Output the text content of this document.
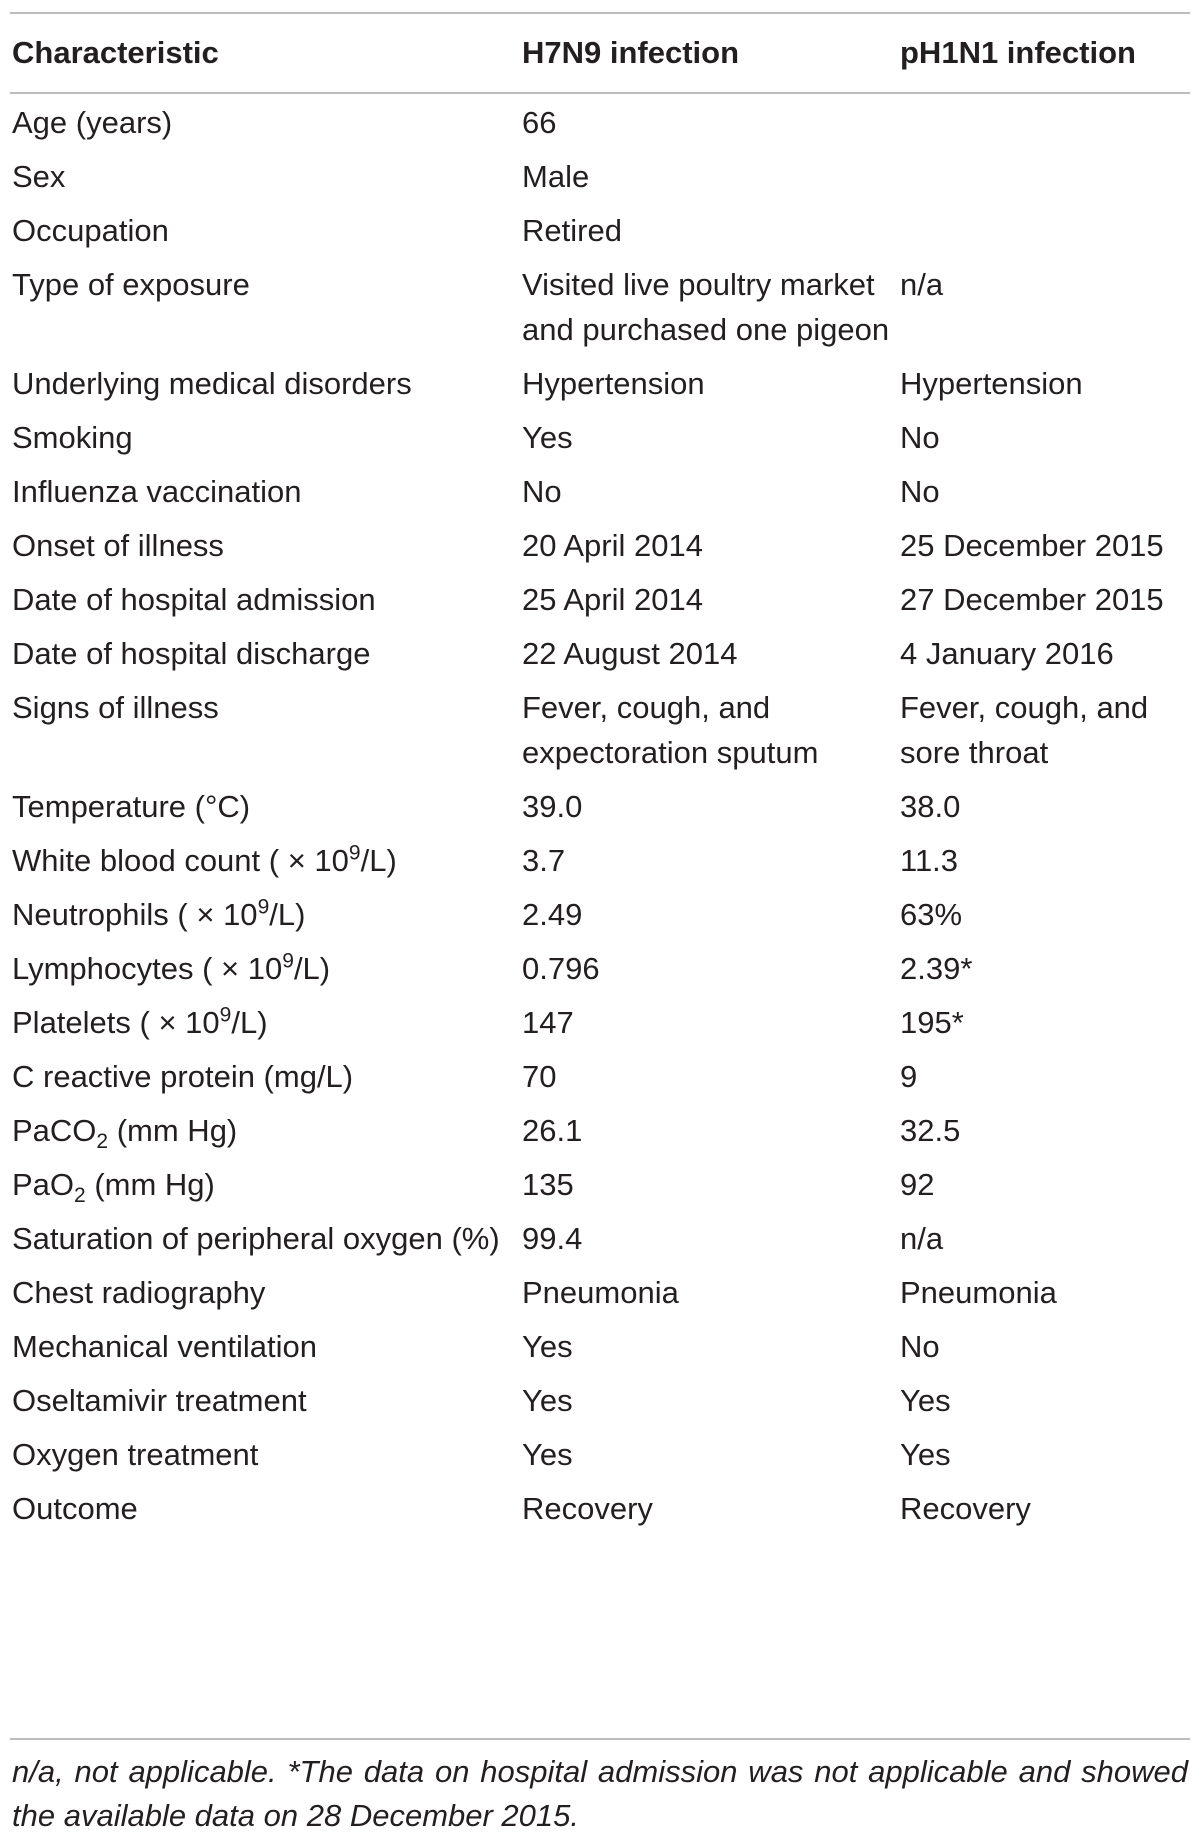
Characteristic	H7N9 infection	pH1N1 infection
Age (years)	66	
Sex	Male	
Occupation	Retired	
Type of exposure	Visited live poultry market and purchased one pigeon	n/a
Underlying medical disorders	Hypertension	Hypertension
Smoking	Yes	No
Influenza vaccination	No	No
Onset of illness	20 April 2014	25 December 2015
Date of hospital admission	25 April 2014	27 December 2015
Date of hospital discharge	22 August 2014	4 January 2016
Signs of illness	Fever, cough, and expectoration sputum	Fever, cough, and sore throat
Temperature (°C)	39.0	38.0
White blood count ( × $10^9/L$)	3.7	11.3
Neutrophils ( × $10^9/L$)	2.49	63%
Lymphocytes ( × $10^9/L$)	0.796	2.39*
Platelets ( × $10^9/L$)	147	195*
C reactive protein (mg/L)	70	9
PaCO$_2$ (mm Hg)	26.1	32.5
PaO$_2$ (mm Hg)	135	92
Saturation of peripheral oxygen (%)	99.4	n/a
Chest radiography	Pneumonia	Pneumonia
Mechanical ventilation	Yes	No
Oseltamivir treatment	Yes	Yes
Oxygen treatment	Yes	Yes
Outcome	Recovery	Recovery
n/a, not applicable. *The data on hospital admission was not applicable and showed the available data on 28 December 2015.
